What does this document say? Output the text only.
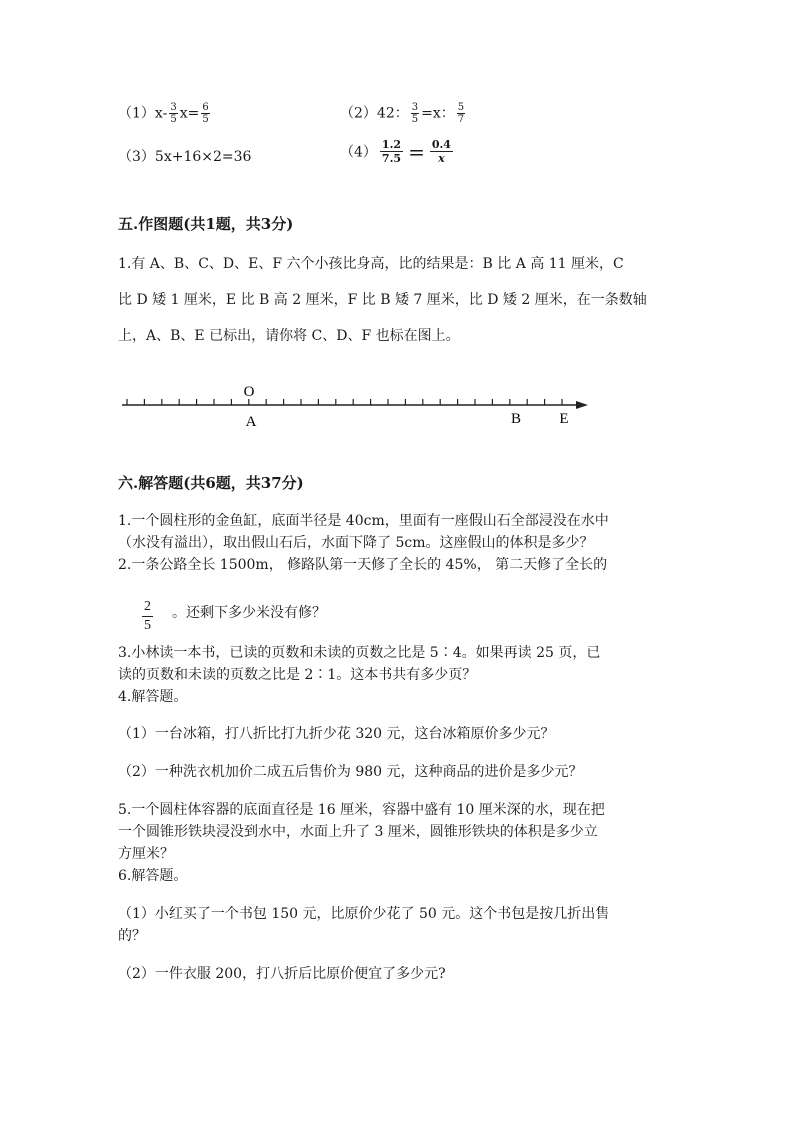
$(1)x- \frac{3}{5} x= \frac{6}{5}$	（2）42： $\frac{3}{5} =x$： $\frac{5}{7}$
（3）5x+16×2=36	$(4) \frac{1.2}{7.5} = \frac{0.4}{x}$
五.作图题(共1题，共3分)
1.有 A、B、C、D、E、F 六个小孩比身高，比的结果是：B 比 A 高 11 厘米，C
比 D 矮 1 厘米，E 比 B 高 2 厘米，F 比 B 矮 7 厘米，比 D 矮 2 厘米，在一条数轴
上，A、B、E 已标出，请你将 C、D、F 也标在图上。
O
A	B	E
六.解答题(共6题，共37分)
1.一个圆柱形的金鱼缸，底面半径是 40cm，里面有一座假山石全部浸没在水中
（水没有溢出），取出假山石后，水面下降了 5cm。这座假山的体积是多少？
2.一条公路全长 1500m， 修路队第一天修了全长的 45%， 第二天修了全长的
$\frac{2}{5}$ 。还剩下多少米没有修？
3.小林读一本书，已读的页数和未读的页数之比是 5∶4。如果再读 25 页，已
读的页数和未读的页数之比是 2∶1。这本书共有多少页？
4.解答题。
（1）一台冰箱，打八折比打九折少花 320 元，这台冰箱原价多少元？
（2）一种洗衣机加价二成五后售价为 980 元，这种商品的进价是多少元？
5.一个圆柱体容器的底面直径是 16 厘米，容器中盛有 10 厘米深的水，现在把
一个圆锥形铁块浸没到水中，水面上升了 3 厘米，圆锥形铁块的体积是多少立
方厘米？
6.解答题。
（1）小红买了一个书包 150 元，比原价少花了 50 元。这个书包是按几折出售
的？
（2）一件衣服 200，打八折后比原价便宜了多少元?
